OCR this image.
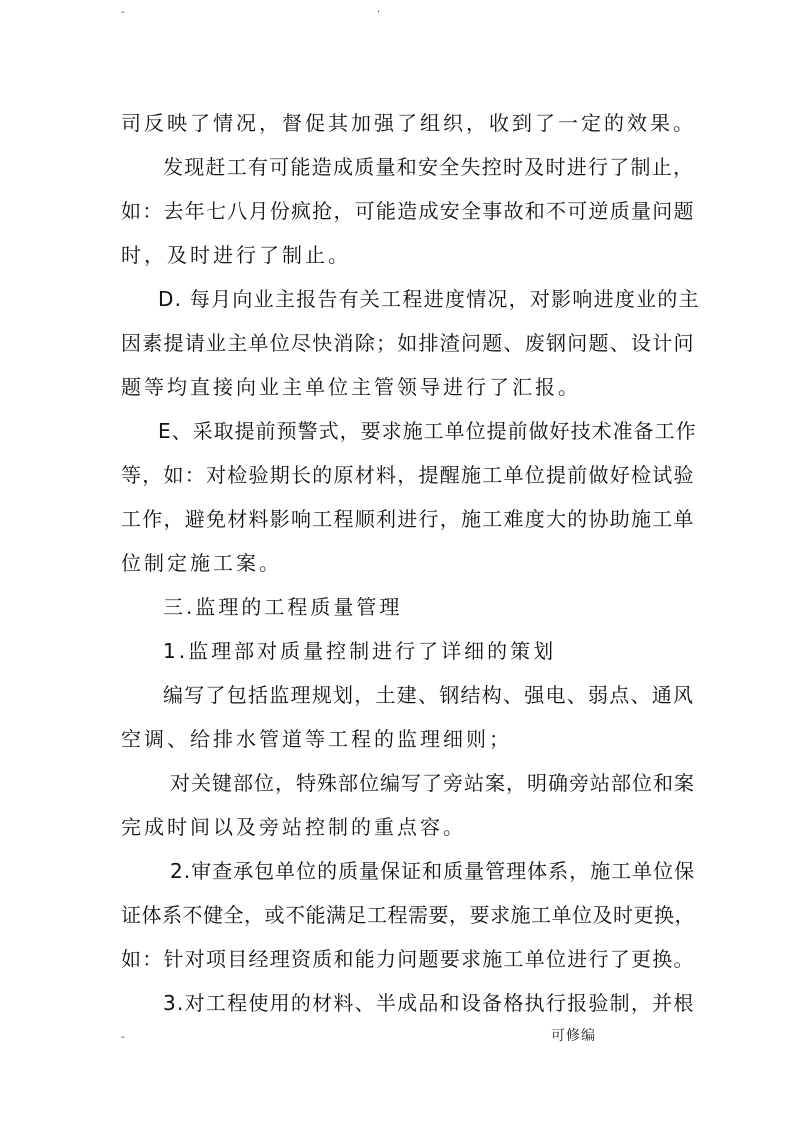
-	.
司反映了情况，督促其加强了组织，收到了一定的效果。
发现赶工有可能造成质量和安全失控时及时进行了制止，
如：去年七八月份疯抢，可能造成安全事故和不可逆质量问题
时，及时进行了制止。
D. 每月向业主报告有关工程进度情况，对影响进度业的主
因素提请业主单位尽快消除；如排渣问题、废钢问题、设计问
题等均直接向业主单位主管领导进行了汇报。
E、采取提前预警式，要求施工单位提前做好技术准备工作
等，如：对检验期长的原材料，提醒施工单位提前做好检试验
工作，避免材料影响工程顺利进行，施工难度大的协助施工单
位制定施工案。
三.监理的工程质量管理
1.监理部对质量控制进行了详细的策划
编写了包括监理规划，土建、钢结构、强电、弱点、通风
空调、给排水管道等工程的监理细则；
对关键部位，特殊部位编写了旁站案，明确旁站部位和案
完成时间以及旁站控制的重点容。
2.审查承包单位的质量保证和质量管理体系，施工单位保
证体系不健全，或不能满足工程需要，要求施工单位及时更换，
如：针对项目经理资质和能力问题要求施工单位进行了更换。
3.对工程使用的材料、半成品和设备格执行报验制，并根
-	可修编
